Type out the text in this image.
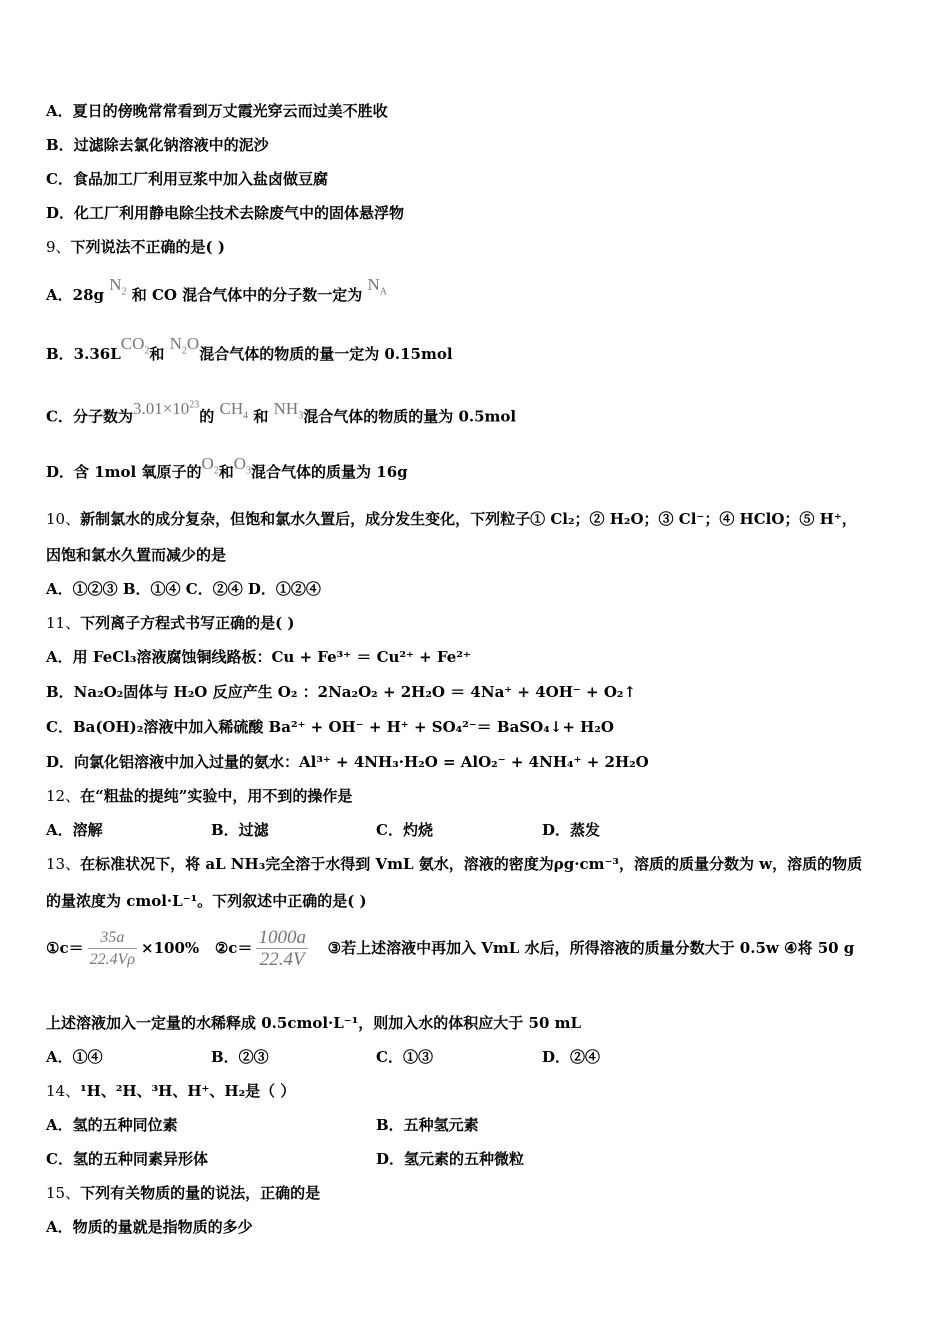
A．夏日的傍晚常常看到万丈霞光穿云而过美不胜收
B．过滤除去氯化钠溶液中的泥沙
C．食品加工厂利用豆浆中加入盐卤做豆腐
D．化工厂利用静电除尘技术去除废气中的固体悬浮物
9、下列说法不正确的是( )
A．28g $N_2$ 和 CO 混合气体中的分子数一定为 $N_A$
B．$3.36LCO_2$和 $N_2O$混合气体的物质的量一定为 0.15mol
C．分子数为$3.01\times 10^{23}$的 $CH_4$ 和 $NH_3$混合气体的物质的量为 0.5mol
D．含 1mol 氧原子的$O_2$和$O_3$混合气体的质量为 16g
10、新制氯水的成分复杂，但饱和氯水久置后，成分发生变化，下列粒子① Cl₂；② H₂O；③ Cl⁻；④ HClO；⑤ H⁺，
因饱和氯水久置而减少的是
A．①②③ B．①④ C．②④ D．①②④
11、下列离子方程式书写正确的是( )
A．用 FeCl₃溶液腐蚀铜线路板：Cu + Fe³⁺ ＝ Cu²⁺ + Fe²⁺
B．Na₂O₂固体与 H₂O 反应产生 O₂ ：2Na₂O₂ + 2H₂O ＝ 4Na⁺ + 4OH⁻ + O₂↑
C．Ba(OH)₂溶液中加入稀硫酸 Ba²⁺ + OH⁻ + H⁺ + SO₄²⁻＝ BaSO₄↓+ H₂O
D．向氯化铝溶液中加入过量的氨水：Al³⁺ + 4NH₃·H₂O = AlO₂⁻ + 4NH₄⁺ + 2H₂O
12、在“粗盐的提纯”实验中，用不到的操作是
A．溶解	B．过滤	C．灼烧	D．蒸发
13、在标准状况下，将 aL NH₃完全溶于水得到 VmL 氨水，溶液的密度为ρg·cm⁻³，溶质的质量分数为 w，溶质的物质
的量浓度为 cmol·L⁻¹。下列叙述中正确的是( )
①c＝ $\frac{35a}{22.4V\rho} \times 100\%$ ②c＝ $\frac{1000a}{22.4V}$ ③若上述溶液中再加入 VmL 水后，所得溶液的质量分数大于 0.5w ④将 50 g
上述溶液加入一定量的水稀释成 0.5cmol·L⁻¹，则加入水的体积应大于 50 mL
A．①④	B．②③	C．①③	D．②④
14、¹H、²H、³H、H⁺、H₂是（ ）
A．氢的五种同位素	B．五种氢元素
C．氢的五种同素异形体	D．氢元素的五种微粒
15、下列有关物质的量的说法，正确的是
A．物质的量就是指物质的多少
